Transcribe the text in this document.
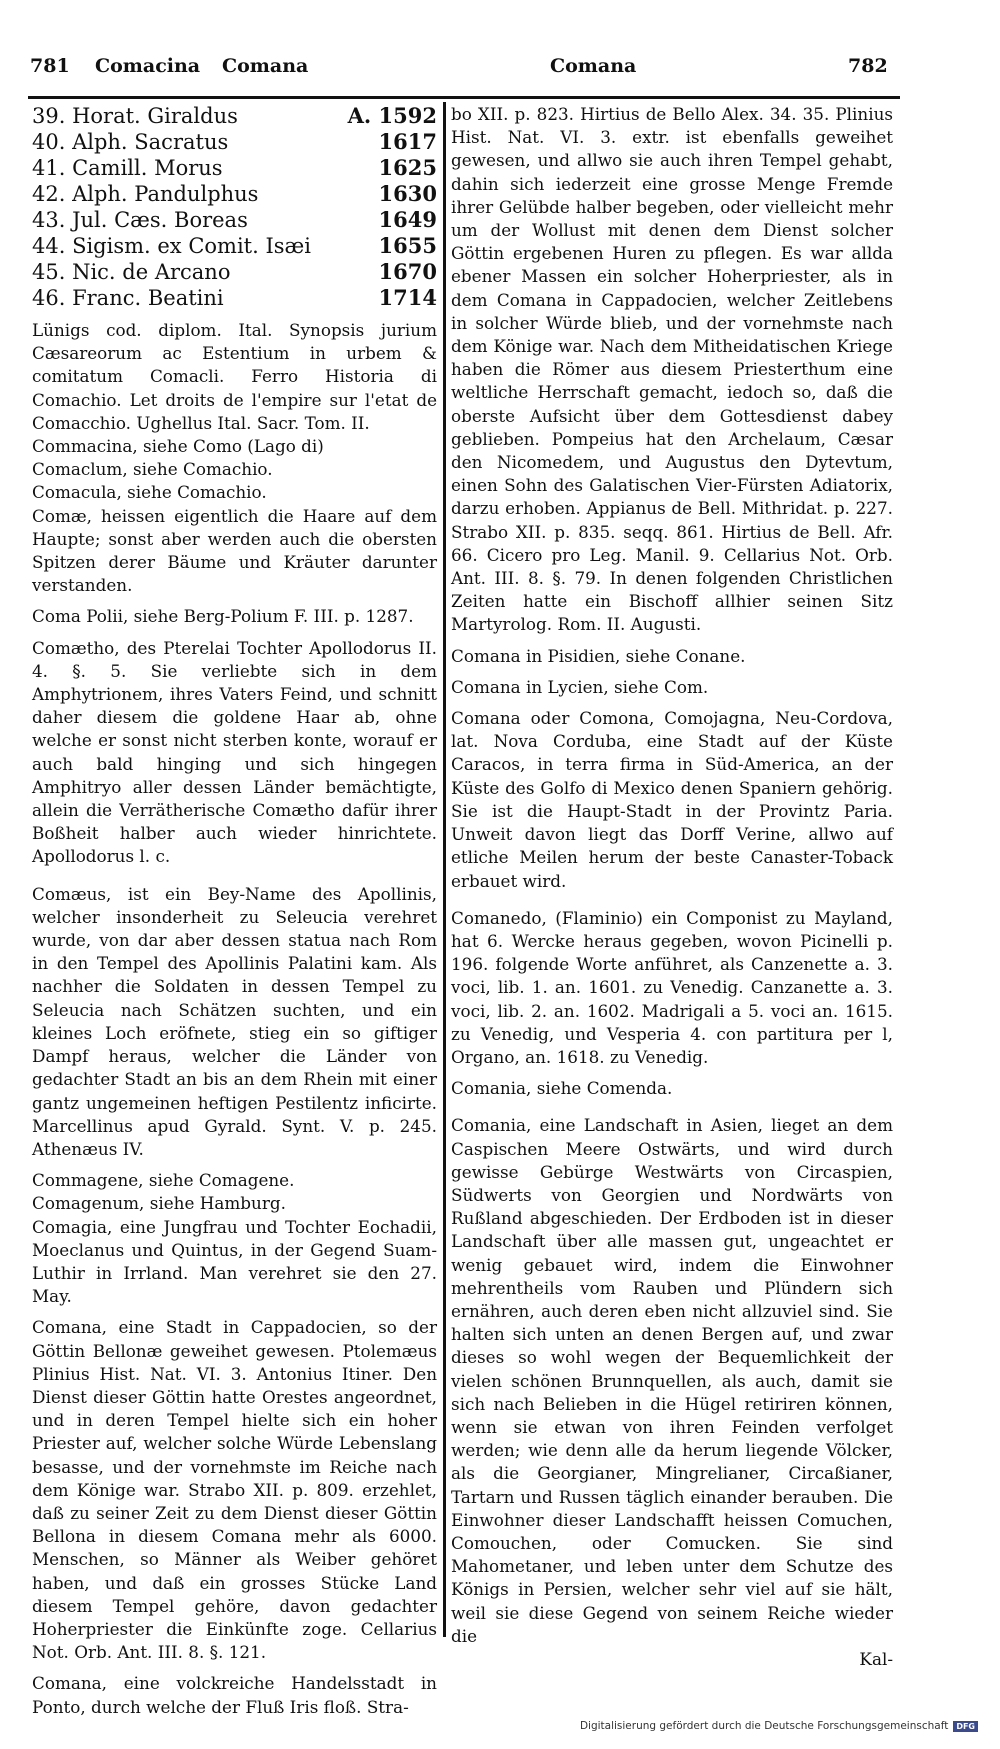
781 Comacina Comana	Comana	782
39. Horat. Giraldus	A. 1592
40. Alph. Sacratus	1617
41. Camill. Morus	1625
42. Alph. Pandulphus	1630
43. Jul. Cæs. Boreas	1649
44. Sigism. ex Comit. Isæi	1655
45. Nic. de Arcano	1670
46. Franc. Beatini	1714

Lünigs cod. diplom. Ital. Synopsis jurium Cæsareorum ac Estentium in urbem & comitatum Comacli. Ferro Historia di Comachio. Let droits de l'empire sur l'etat de Comacchio. Ughellus Ital. Sacr. Tom. II.

Commacina, siehe Como (Lago di)

Comaclum, siehe Comachio.

Comacula, siehe Comachio.

Comæ, heissen eigentlich die Haare auf dem Haupte; sonst aber werden auch die obersten Spitzen derer Bäume und Kräuter darunter verstanden.

Coma Polii, siehe Berg-Polium F. III. p. 1287.

Comætho, des Pterelai Tochter Apollodorus II. 4. §. 5. Sie verliebte sich in dem Amphytrionem, ihres Vaters Feind, und schnitt daher diesem die goldene Haar ab, ohne welche er sonst nicht sterben konte, worauf er auch bald hinging und sich hingegen Amphitryo aller dessen Länder bemächtigte, allein die Verrätherische Comætho dafür ihrer Boßheit halber auch wieder hinrichtete. Apollodorus l. c.

Comæus, ist ein Bey-Name des Apollinis, welcher insonderheit zu Seleucia verehret wurde, von dar aber dessen statua nach Rom in den Tempel des Apollinis Palatini kam. Als nachher die Soldaten in dessen Tempel zu Seleucia nach Schätzen suchten, und ein kleines Loch eröfnete, stieg ein so giftiger Dampf heraus, welcher die Länder von gedachter Stadt an bis an dem Rhein mit einer gantz ungemeinen heftigen Pestilentz inficirte. Marcellinus apud Gyrald. Synt. V. p. 245. Athenæus IV.

Commagene, siehe Comagene.

Comagenum, siehe Hamburg.

Comagia, eine Jungfrau und Tochter Eochadii, Moeclanus und Quintus, in der Gegend Suam-Luthir in Irrland. Man verehret sie den 27. May.

Comana, eine Stadt in Cappadocien, so der Göttin Bellonæ geweihet gewesen. Ptolemæus Plinius Hist. Nat. VI. 3. Antonius Itiner. Den Dienst dieser Göttin hatte Orestes angeordnet, und in deren Tempel hielte sich ein hoher Priester auf, welcher solche Würde Lebenslang besasse, und der vornehmste im Reiche nach dem Könige war. Strabo XII. p. 809. erzehlet, daß zu seiner Zeit zu dem Dienst dieser Göttin Bellona in diesem Comana mehr als 6000. Menschen, so Männer als Weiber gehöret haben, und daß ein grosses Stücke Land diesem Tempel gehöre, davon gedachter Hoherpriester die Einkünfte zoge. Cellarius Not. Orb. Ant. III. 8. §. 121.

Comana, eine volckreiche Handelsstadt in Ponto, durch welche der Fluß Iris floß. Stra-

bo XII. p. 823. Hirtius de Bello Alex. 34. 35. Plinius Hist. Nat. VI. 3. extr. ist ebenfalls geweihet gewesen, und allwo sie auch ihren Tempel gehabt, dahin sich iederzeit eine grosse Menge Fremde ihrer Gelübde halber begeben, oder vielleicht mehr um der Wollust mit denen dem Dienst solcher Göttin ergebenen Huren zu pflegen. Es war allda ebener Massen ein solcher Hoherpriester, als in dem Comana in Cappadocien, welcher Zeitlebens in solcher Würde blieb, und der vornehmste nach dem Könige war. Nach dem Mitheidatischen Kriege haben die Römer aus diesem Priesterthum eine weltliche Herrschaft gemacht, iedoch so, daß die oberste Aufsicht über dem Gottesdienst dabey geblieben. Pompeius hat den Archelaum, Cæsar den Nicomedem, und Augustus den Dytevtum, einen Sohn des Galatischen Vier-Fürsten Adiatorix, darzu erhoben. Appianus de Bell. Mithridat. p. 227. Strabo XII. p. 835. seqq. 861. Hirtius de Bell. Afr. 66. Cicero pro Leg. Manil. 9. Cellarius Not. Orb. Ant. III. 8. §. 79. In denen folgenden Christlichen Zeiten hatte ein Bischoff allhier seinen Sitz Martyrolog. Rom. II. Augusti.

Comana in Pisidien, siehe Conane.

Comana in Lycien, siehe Com.

Comana oder Comona, Comojagna, Neu-Cordova, lat. Nova Corduba, eine Stadt auf der Küste Caracos, in terra firma in Süd-America, an der Küste des Golfo di Mexico denen Spaniern gehörig. Sie ist die Haupt-Stadt in der Provintz Paria. Unweit davon liegt das Dorff Verine, allwo auf etliche Meilen herum der beste Canaster-Toback erbauet wird.

Comanedo, (Flaminio) ein Componist zu Mayland, hat 6. Wercke heraus gegeben, wovon Picinelli p. 196. folgende Worte anführet, als Canzenette a. 3. voci, lib. 1. an. 1601. zu Venedig. Canzanette a. 3. voci, lib. 2. an. 1602. Madrigali a 5. voci an. 1615. zu Venedig, und Vesperia 4. con partitura per l, Organo, an. 1618. zu Venedig.

Comania, siehe Comenda.

Comania, eine Landschaft in Asien, lieget an dem Caspischen Meere Ostwärts, und wird durch gewisse Gebürge Westwärts von Circaspien, Südwerts von Georgien und Nordwärts von Rußland abgeschieden. Der Erdboden ist in dieser Landschaft über alle massen gut, ungeachtet er wenig gebauet wird, indem die Einwohner mehrentheils vom Rauben und Plündern sich ernähren, auch deren eben nicht allzuviel sind. Sie halten sich unten an denen Bergen auf, und zwar dieses so wohl wegen der Bequemlichkeit der vielen schönen Brunnquellen, als auch, damit sie sich nach Belieben in die Hügel retiriren können, wenn sie etwan von ihren Feinden verfolget werden; wie denn alle da herum liegende Völcker, als die Georgianer, Mingrelianer, Circaßianer, Tartarn und Russen täglich einander berauben. Die Einwohner dieser Landschafft heissen Comuchen, Comouchen, oder Comucken. Sie sind Mahometaner, und leben unter dem Schutze des Königs in Persien, welcher sehr viel auf sie hält, weil sie diese Gegend von seinem Reiche wieder die

Kal-

Digitalisierung gefördert durch die Deutsche Forschungsgemeinschaft	DFG
